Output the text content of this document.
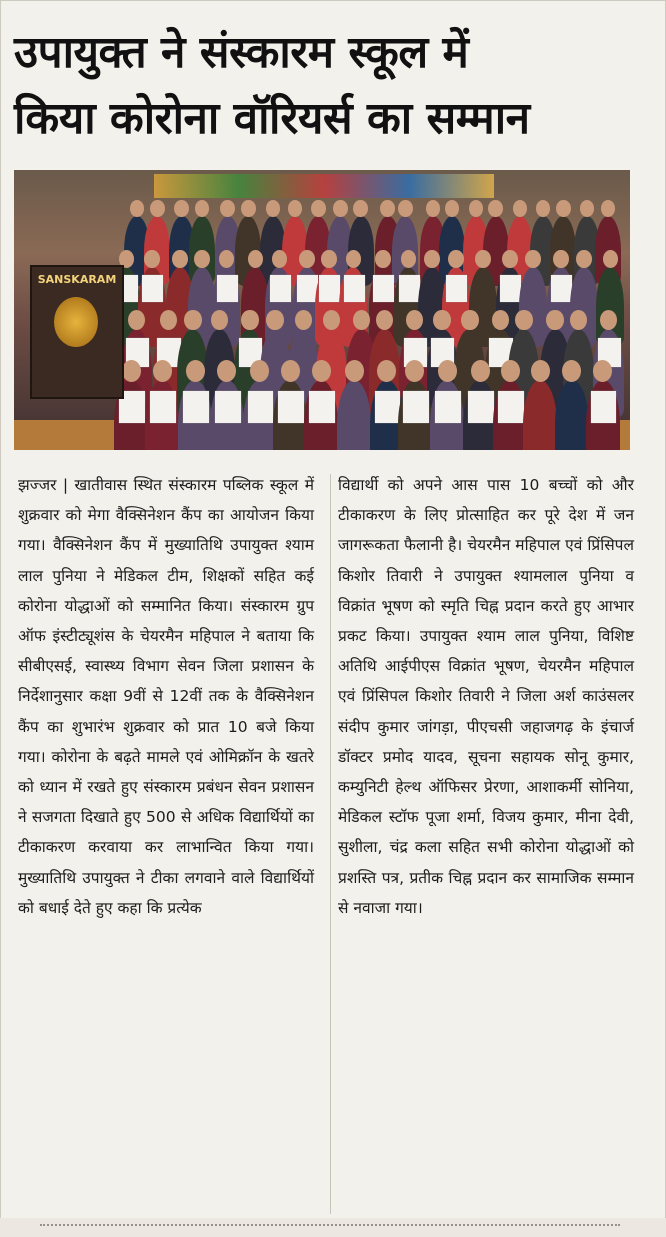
उपायुक्त ने संस्कारम स्कूल में
किया कोरोना वॉरियर्स का सम्मान
SANSKARAM
झज्जर | खातीवास स्थित संस्कारम पब्लिक स्कूल में शुक्रवार को मेगा वैक्सिनेशन कैंप का आयोजन किया गया। वैक्सिनेशन कैंप में मुख्यातिथि उपायुक्त श्याम लाल पुनिया ने मेडिकल टीम, शिक्षकों सहित कई कोरोना योद्धाओं को सम्मानित किया। संस्कारम ग्रुप ऑफ इंस्टीट्यूशंस के चेयरमैन महिपाल ने बताया कि सीबीएसई, स्वास्थ्य विभाग सेवन जिला प्रशासन के निर्देशानुसार कक्षा 9वीं से 12वीं तक के वैक्सिनेशन कैंप का शुभारंभ शुक्रवार को प्रात 10 बजे किया गया। कोरोना के बढ़ते मामले एवं ओमिक्रॉन के खतरे को ध्यान में रखते हुए संस्कारम प्रबंधन सेवन प्रशासन ने सजगता दिखाते हुए 500 से अधिक विद्यार्थियों का टीकाकरण करवाया कर लाभान्वित किया गया। मुख्यातिथि उपायुक्त ने टीका लगवाने वाले विद्यार्थियों को बधाई देते हुए कहा कि प्रत्येक
विद्यार्थी को अपने आस पास 10 बच्चों को और टीकाकरण के लिए प्रोत्साहित कर पूरे देश में जन जागरूकता फैलानी है। चेयरमैन महिपाल एवं प्रिंसिपल किशोर तिवारी ने उपायुक्त श्यामलाल पुनिया व विक्रांत भूषण को स्मृति चिह्न प्रदान करते हुए आभार प्रकट किया। उपायुक्त श्याम लाल पुनिया, विशिष्ट अतिथि आईपीएस विक्रांत भूषण, चेयरमैन महिपाल एवं प्रिंसिपल किशोर तिवारी ने जिला अर्श काउंसलर संदीप कुमार जांगड़ा, पीएचसी जहाजगढ़ के इंचार्ज डॉक्टर प्रमोद यादव, सूचना सहायक सोनू कुमार, कम्युनिटी हेल्थ ऑफिसर प्रेरणा, आशाकर्मी सोनिया, मेडिकल स्टॉफ पूजा शर्मा, विजय कुमार, मीना देवी, सुशीला, चंद्र कला सहित सभी कोरोना योद्धाओं को प्रशस्ति पत्र, प्रतीक चिह्न प्रदान कर सामाजिक सम्मान से नवाजा गया।
